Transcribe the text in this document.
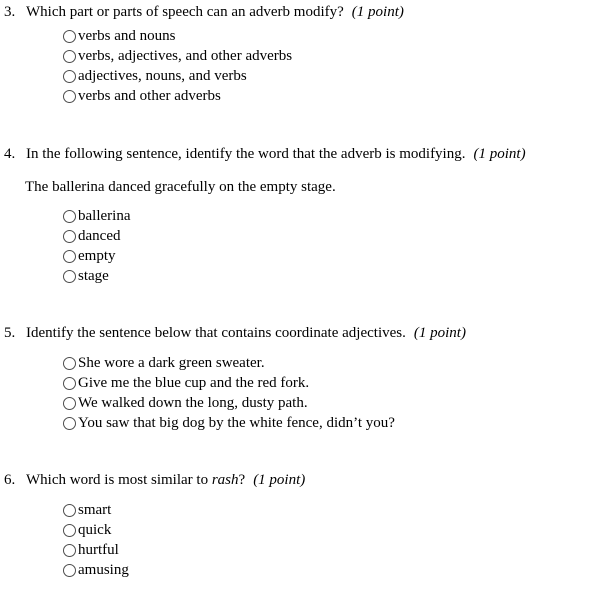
3. Which part or parts of speech can an adverb modify? (1 point)
verbs and nouns
verbs, adjectives, and other adverbs
adjectives, nouns, and verbs
verbs and other adverbs
4. In the following sentence, identify the word that the adverb is modifying. (1 point)
The ballerina danced gracefully on the empty stage.
ballerina
danced
empty
stage
5. Identify the sentence below that contains coordinate adjectives. (1 point)
She wore a dark green sweater.
Give me the blue cup and the red fork.
We walked down the long, dusty path.
You saw that big dog by the white fence, didn’t you?
6. Which word is most similar to rash? (1 point)
smart
quick
hurtful
amusing
